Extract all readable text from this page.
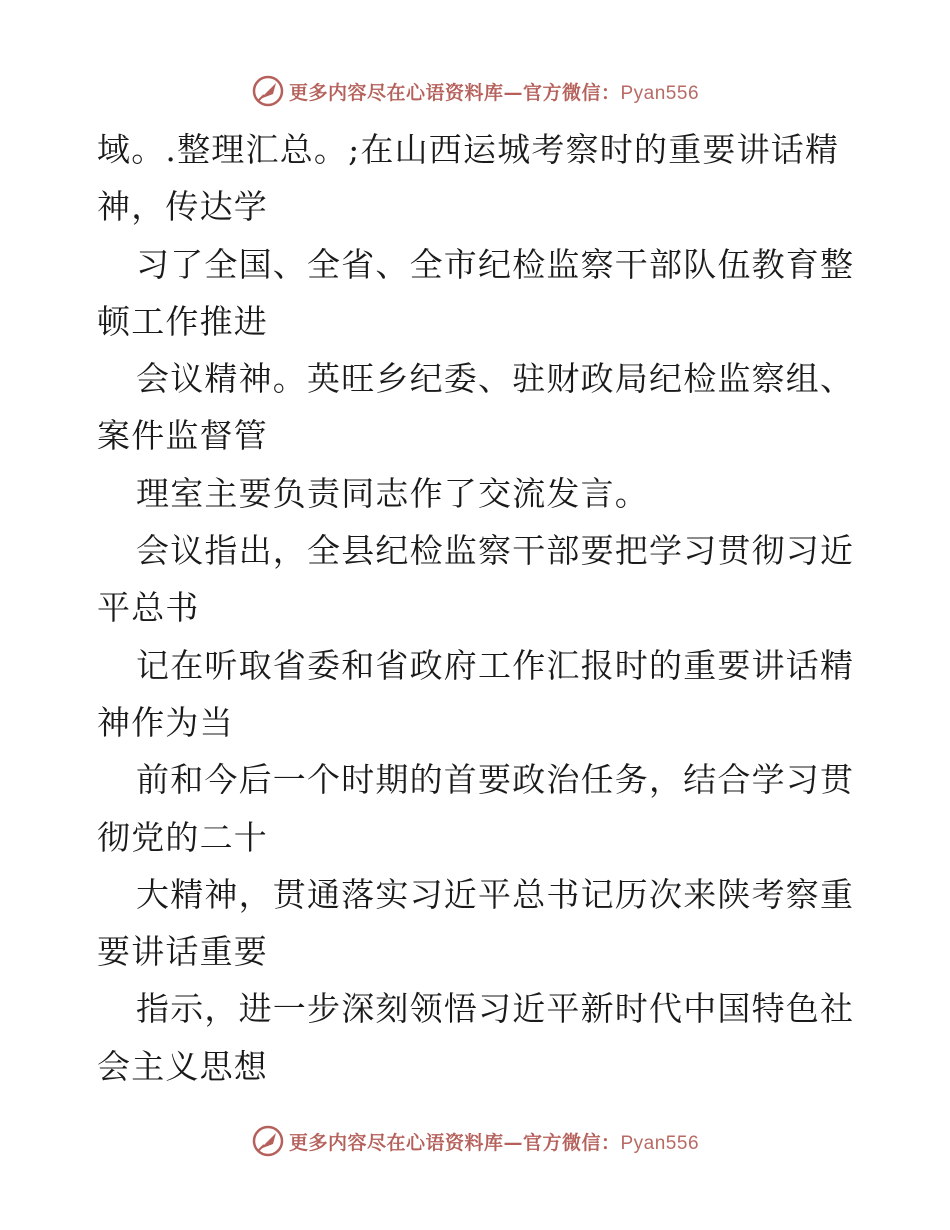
更多内容尽在心语资料库—官方微信：Pyan556
域。.整理汇总。;在山西运城考察时的重要讲话精
神，传达学
习了全国、全省、全市纪检监察干部队伍教育整
顿工作推进
会议精神。英旺乡纪委、驻财政局纪检监察组、
案件监督管
理室主要负责同志作了交流发言。
会议指出，全县纪检监察干部要把学习贯彻习近
平总书
记在听取省委和省政府工作汇报时的重要讲话精
神作为当
前和今后一个时期的首要政治任务，结合学习贯
彻党的二十
大精神，贯通落实习近平总书记历次来陕考察重
要讲话重要
指示，进一步深刻领悟习近平新时代中国特色社
会主义思想
更多内容尽在心语资料库—官方微信：Pyan556
